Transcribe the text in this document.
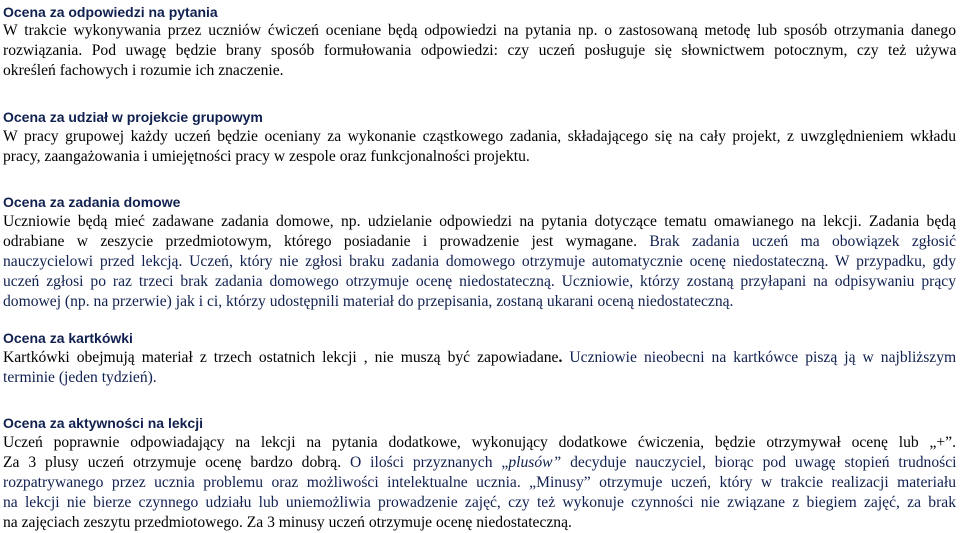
Ocena za odpowiedzi na pytania
W trakcie wykonywania przez uczniów ćwiczeń oceniane będą odpowiedzi na pytania np. o zastosowaną metodę lub sposób otrzymania danego
rozwiązania. Pod uwagę będzie brany sposób formułowania odpowiedzi: czy uczeń posługuje się słownictwem potocznym, czy też używa
określeń fachowych i rozumie ich znaczenie.
Ocena za udział w projekcie grupowym
W pracy grupowej każdy uczeń będzie oceniany za wykonanie cząstkowego zadania, składającego się na cały projekt, z uwzględnieniem wkładu
pracy, zaangażowania i umiejętności pracy w zespole oraz funkcjonalności projektu.
Ocena za zadania domowe
Uczniowie będą mieć zadawane zadania domowe, np. udzielanie odpowiedzi na pytania dotyczące tematu omawianego na lekcji. Zadania będą
odrabiane w zeszycie przedmiotowym, którego posiadanie i prowadzenie jest wymagane. Brak zadania uczeń ma obowiązek zgłosić
nauczycielowi przed lekcją. Uczeń, który nie zgłosi braku zadania domowego otrzymuje automatycznie ocenę niedostateczną. W przypadku, gdy
uczeń zgłosi po raz trzeci brak zadania domowego otrzymuje ocenę niedostateczną. Uczniowie, którzy zostaną przyłapani na odpisywaniu prący
domowej (np. na przerwie) jak i ci, którzy udostępnili materiał do przepisania, zostaną ukarani oceną niedostateczną.
Ocena za kartkówki
Kartkówki obejmują materiał z trzech ostatnich lekcji , nie muszą być zapowiadane. Uczniowie nieobecni na kartkówce piszą ją w najbliższym
terminie (jeden tydzień).
Ocena za aktywności na lekcji
Uczeń poprawnie odpowiadający na lekcji na pytania dodatkowe, wykonujący dodatkowe ćwiczenia, będzie otrzymywał ocenę lub „+”.
Za 3 plusy uczeń otrzymuje ocenę bardzo dobrą. O ilości przyznanych „plusów” decyduje nauczyciel, biorąc pod uwagę stopień trudności
rozpatrywanego przez ucznia problemu oraz możliwości intelektualne ucznia. „Minusy” otrzymuje uczeń, który w trakcie realizacji materiału
na lekcji nie bierze czynnego udziału lub uniemożliwia prowadzenie zajęć, czy też wykonuje czynności nie związane z biegiem zajęć, za brak
na zajęciach zeszytu przedmiotowego. Za 3 minusy uczeń otrzymuje ocenę niedostateczną.
